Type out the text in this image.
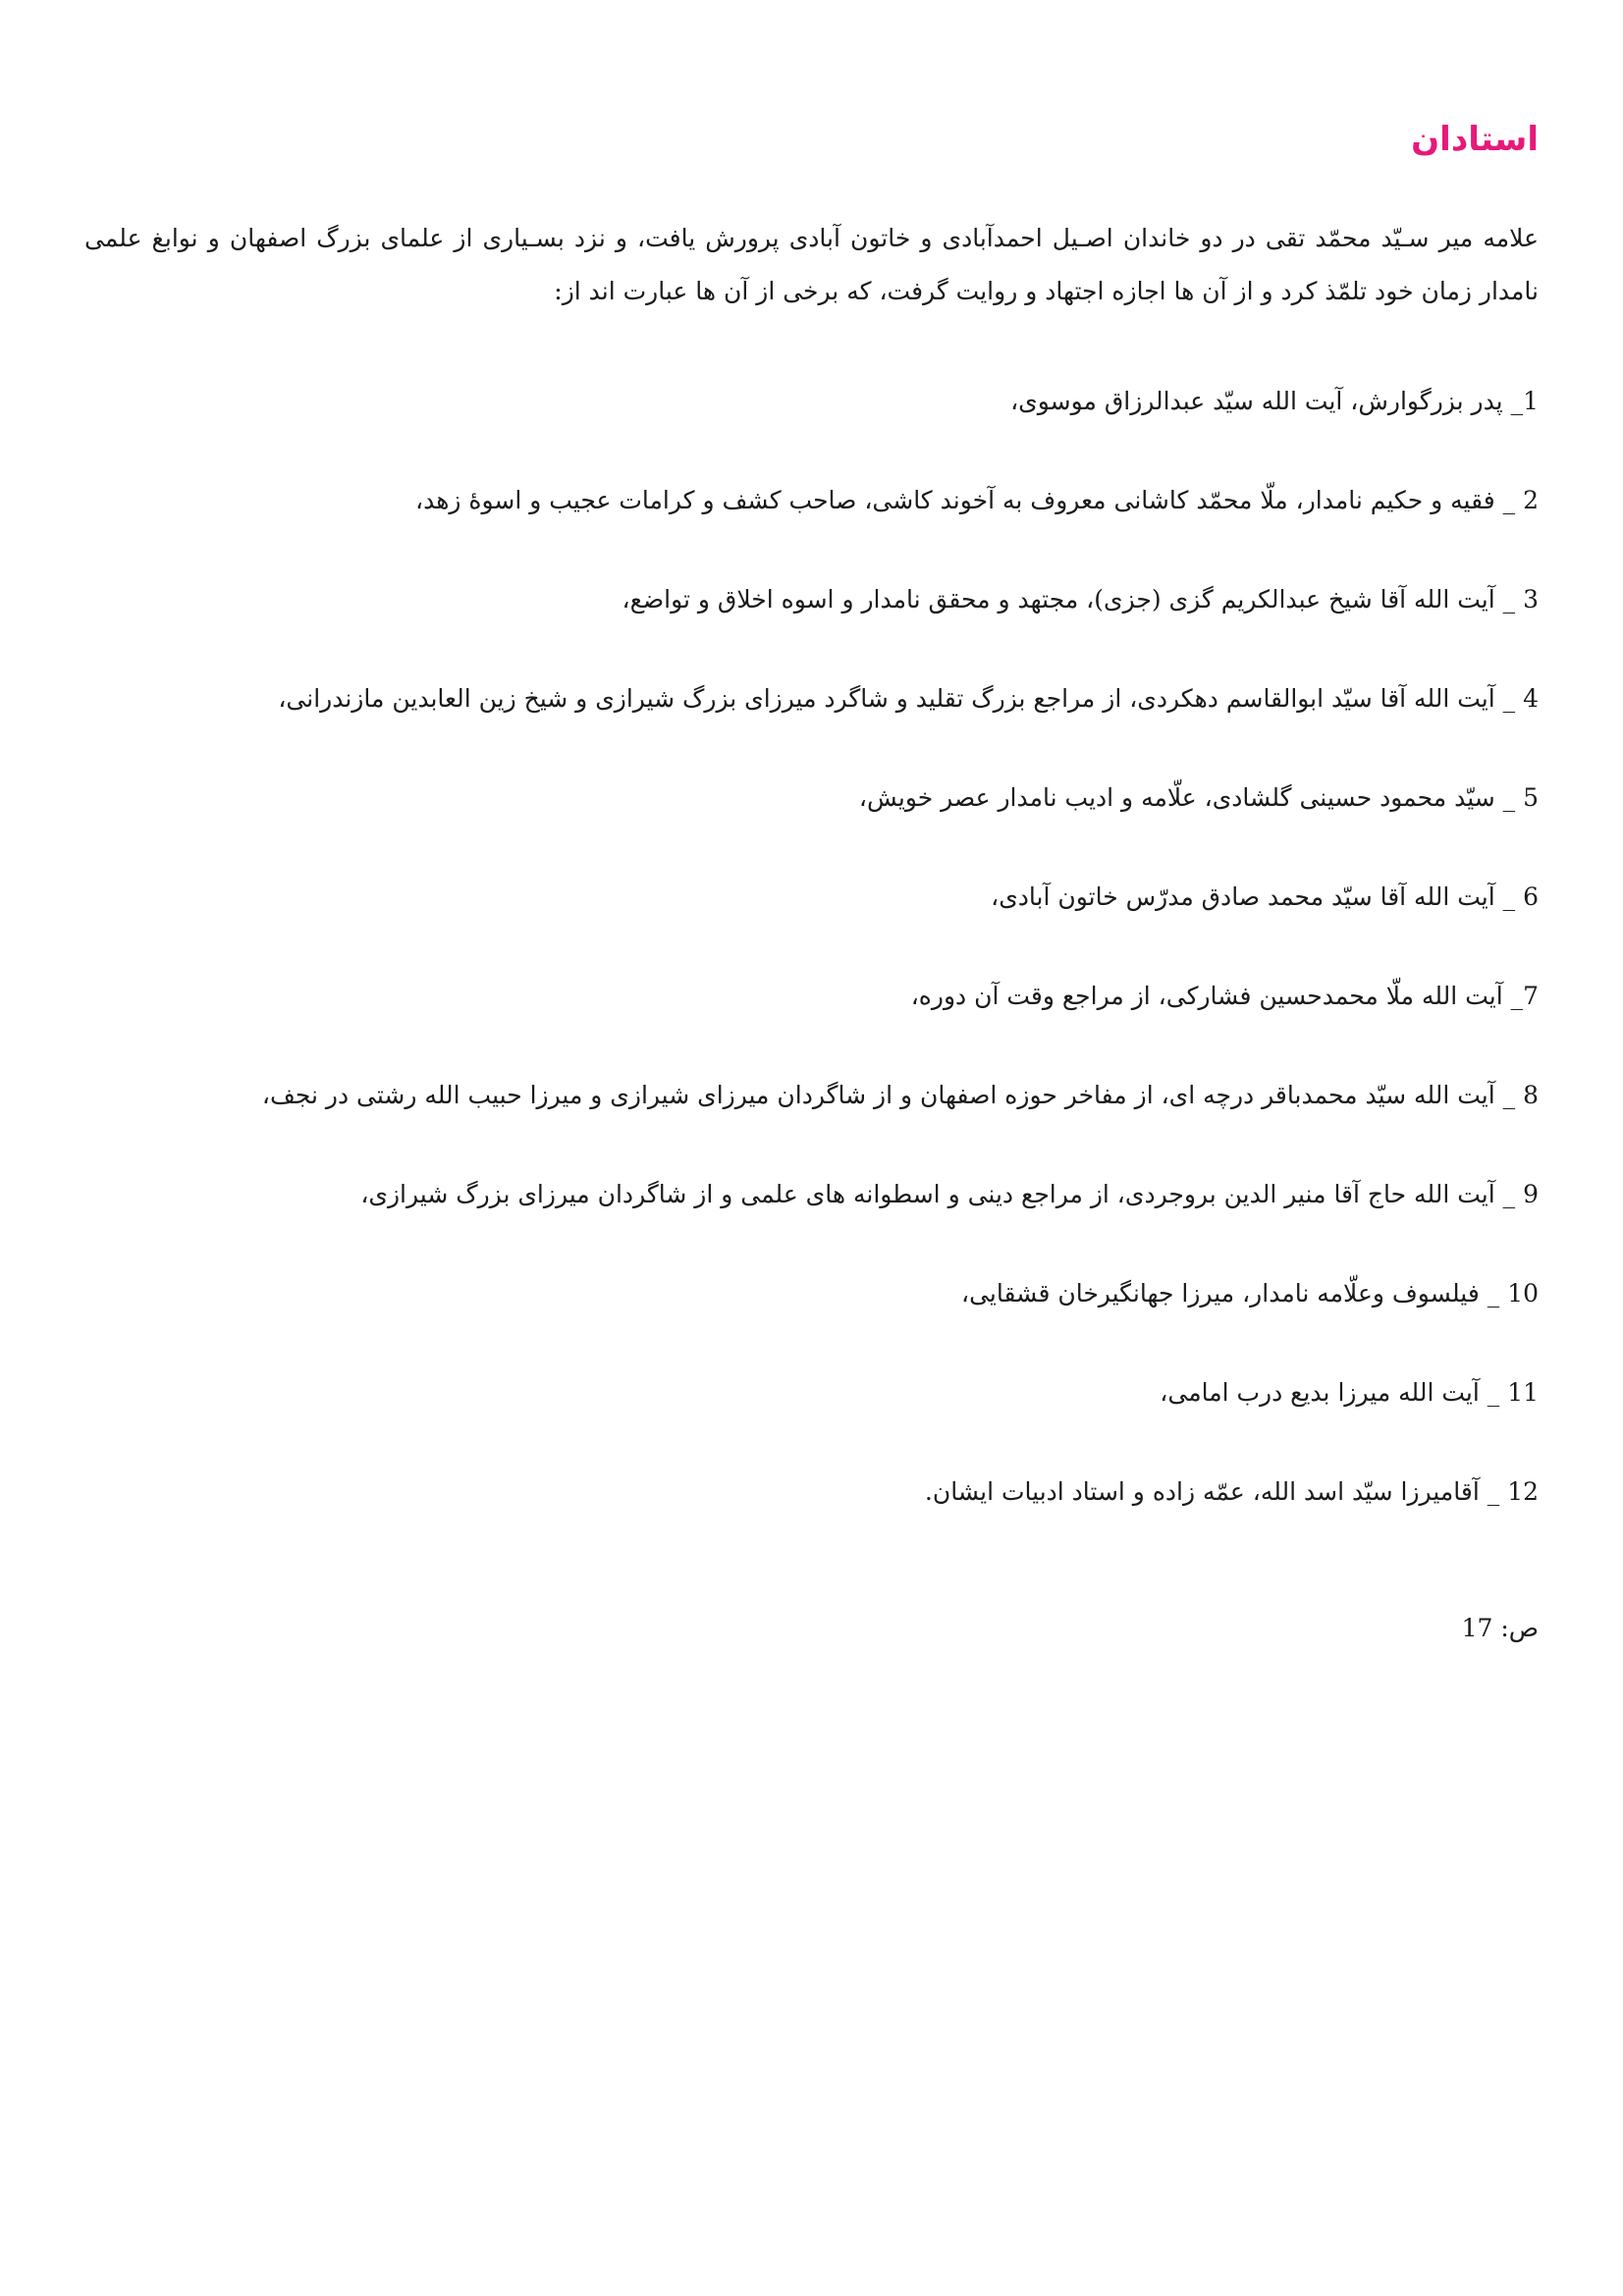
استادان

علامه میر سـیّد محمّد تقی در دو خاندان اصـیل احمدآبادی و خاتون آبادی پرورش یافت، و نزد بسـیاری از علمای بزرگ اصفهان و نوابغ علمی نامدار زمان خود تلمّذ کرد و از آن ها اجازه اجتهاد و روایت گرفت، که برخی از آن ها عبارت اند از:

1_ پدر بزرگوارش، آیت الله سیّد عبدالرزاق موسوی،
2 _ فقیه و حکیم نامدار، ملّا محمّد کاشانی معروف به آخوند کاشی، صاحب کشف و کرامات عجیب و اسوهٔ زهد،
3 _ آیت الله آقا شیخ عبدالکریم گزی (جزی)، مجتهد و محقق نامدار و اسوه اخلاق و تواضع،
4 _ آیت الله آقا سیّد ابوالقاسم دهکردی، از مراجع بزرگ تقلید و شاگرد میرزای بزرگ شیرازی و شیخ زین العابدین مازندرانی،
5 _ سیّد محمود حسینی گلشادی، علّامه و ادیب نامدار عصر خویش،
6 _ آیت الله آقا سیّد محمد صادق مدرّس خاتون آبادی،
7_ آیت الله ملّا محمدحسین فشارکی، از مراجع وقت آن دوره،
8 _ آیت الله سیّد محمدباقر درچه ای، از مفاخر حوزه اصفهان و از شاگردان میرزای شیرازی و میرزا حبیب الله رشتی در نجف،
9 _ آیت الله حاج آقا منیر الدین بروجردی، از مراجع دینی و اسطوانه های علمی و از شاگردان میرزای بزرگ شیرازی،
10 _ فیلسوف وعلّامه نامدار، میرزا جهانگیرخان قشقایی،
11 _ آیت الله میرزا بدیع درب امامی،
12 _ آقامیرزا سیّد اسد الله، عمّه زاده و استاد ادبیات ایشان.
ص: 17
